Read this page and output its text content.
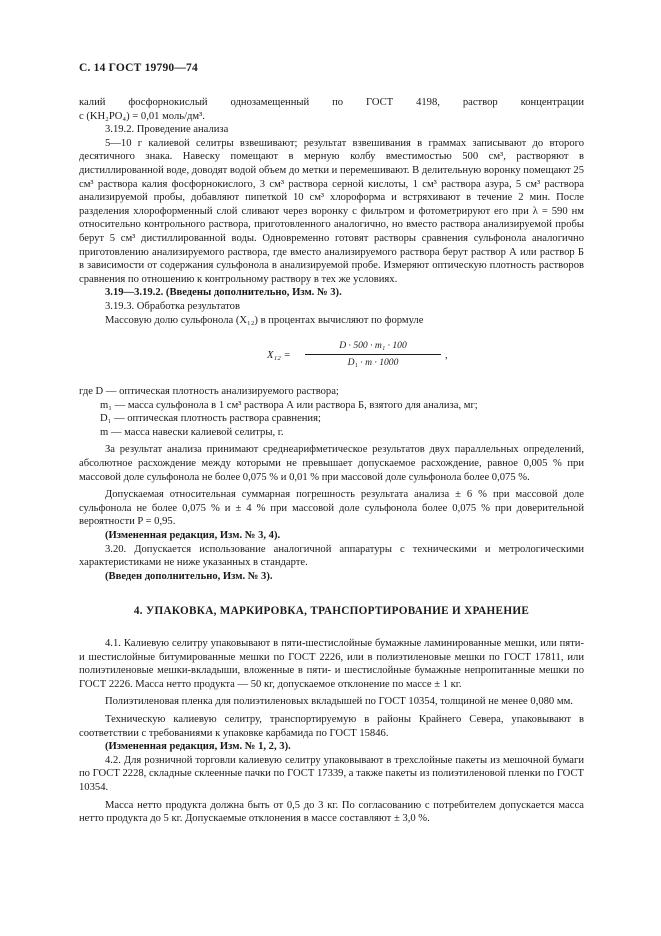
С. 14 ГОСТ 19790—74

калий фосфорнокислый однозамещенный по ГОСТ 4198, раствор концентрации

c (KH₂PO₄) = 0,01 моль/дм³.

3.19.2. Проведение анализа

5—10 г калиевой селитры взвешивают; результат взвешивания в граммах записывают до второго десятичного знака. Навеску помещают в мерную колбу вместимостью 500 см³, растворяют в дистиллированной воде, доводят водой объем до метки и перемешивают. В делительную воронку помещают 25 см³ раствора калия фосфорнокислого, 3 см³ раствора серной кислоты, 1 см³ раствора азура, 5 см³ раствора анализируемой пробы, добавляют пипеткой 10 см³ хлороформа и встряхивают в течение 2 мин. После разделения хлороформенный слой сливают через воронку с фильтром и фотометрируют его при λ = 590 нм относительно контрольного раствора, приготовленного аналогично, но вместо раствора анализируемой пробы берут 5 см³ дистиллированной воды. Одновременно готовят растворы сравнения сульфонола аналогично приготовлению анализируемого раствора, где вместо анализируемого раствора берут раствор А или раствор Б в зависимости от содержания сульфонола в анализируемой пробе. Измеряют оптическую плотность растворов сравнения по отношению к контрольному раствору в тех же условиях.

3.19—3.19.2. (Введены дополнительно, Изм. № 3).

3.19.3. Обработка результатов

Массовую долю сульфонола (X₁₂) в процентах вычисляют по формуле

$X_{12} = \frac{\text{D · 500 · m₁ · 100}}{\text{D₁ · m · 1000}}$ ,

где D — оптическая плотность анализируемого раствора;

m₁ — масса сульфонола в 1 см³ раствора А или раствора Б, взятого для анализа, мг;

D₁ — оптическая плотность раствора сравнения;

m — масса навески калиевой селитры, г.

За результат анализа принимают среднеарифметическое результатов двух параллельных определений, абсолютное расхождение между которыми не превышает допускаемое расхождение, равное 0,005 % при массовой доле сульфонола не более 0,075 % и 0,01 % при массовой доле сульфонола более 0,075 %.

Допускаемая относительная суммарная погрешность результата анализа ± 6 % при массовой доле сульфонола не более 0,075 % и ± 4 % при массовой доле сульфонола более 0,075 % при доверительной вероятности P = 0,95.

(Измененная редакция, Изм. № 3, 4).

3.20. Допускается использование аналогичной аппаратуры с техническими и метрологическими характеристиками не ниже указанных в стандарте.

(Введен дополнительно, Изм. № 3).

4. УПАКОВКА, МАРКИРОВКА, ТРАНСПОРТИРОВАНИЕ И ХРАНЕНИЕ

4.1. Калиевую селитру упаковывают в пяти-шестислойные бумажные ламинированные мешки, или пяти- и шестислойные битумированные мешки по ГОСТ 2226, или в полиэтиленовые мешки по ГОСТ 17811, или полиэтиленовые мешки-вкладыши, вложенные в пяти- и шестислойные бумажные непропитанные мешки по ГОСТ 2226. Масса нетто продукта — 50 кг, допускаемое отклонение по массе ± 1 кг.

Полиэтиленовая пленка для полиэтиленовых вкладышей по ГОСТ 10354, толщиной не менее 0,080 мм.

Техническую калиевую селитру, транспортируемую в районы Крайнего Севера, упаковывают в соответствии с требованиями к упаковке карбамида по ГОСТ 15846.

(Измененная редакция, Изм. № 1, 2, 3).

4.2. Для розничной торговли калиевую селитру упаковывают в трехслойные пакеты из мешочной бумаги по ГОСТ 2228, складные склеенные пачки по ГОСТ 17339, а также пакеты из полиэтиленовой пленки по ГОСТ 10354.

Масса нетто продукта должна быть от 0,5 до 3 кг. По согласованию с потребителем допускается масса нетто продукта до 5 кг. Допускаемые отклонения в массе составляют ± 3,0 %.
